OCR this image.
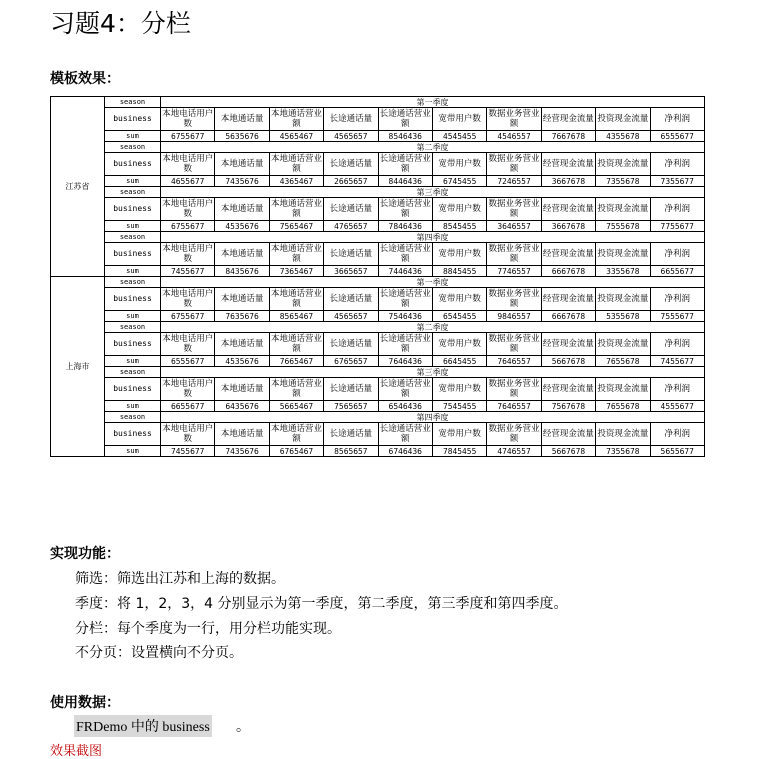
习题4：分栏
模板效果：
江苏省	season	第一季度									
	business	本地电话用户数	本地通话量	本地通话营业额	长途通话量	长途通话营业额	宽带用户数	数据业务营业额	经营现金流量	投资现金流量	净利润
	sum	6755677	5635676	4565467	4565657	8546436	4545455	4546557	7667678	4355678	6555677
	season	第二季度									
	business	本地电话用户数	本地通话量	本地通话营业额	长途通话量	长途通话营业额	宽带用户数	数据业务营业额	经营现金流量	投资现金流量	净利润
	sum	4655677	7435676	4365467	2665657	8446436	6745455	7246557	3667678	7355678	7355677
	season	第三季度									
	business	本地电话用户数	本地通话量	本地通话营业额	长途通话量	长途通话营业额	宽带用户数	数据业务营业额	经营现金流量	投资现金流量	净利润
	sum	6755677	4535676	7565467	4765657	7846436	8545455	3646557	3667678	7555678	7755677
	season	第四季度									
	business	本地电话用户数	本地通话量	本地通话营业额	长途通话量	长途通话营业额	宽带用户数	数据业务营业额	经营现金流量	投资现金流量	净利润
	sum	7455677	8435676	7365467	3665657	7446436	8845455	7746557	6667678	3355678	6655677
上海市	season	第一季度									
	business	本地电话用户数	本地通话量	本地通话营业额	长途通话量	长途通话营业额	宽带用户数	数据业务营业额	经营现金流量	投资现金流量	净利润
	sum	6755677	7635676	8565467	4565657	7546436	6545455	9846557	6667678	5355678	7555677
	season	第二季度									
	business	本地电话用户数	本地通话量	本地通话营业额	长途通话量	长途通话营业额	宽带用户数	数据业务营业额	经营现金流量	投资现金流量	净利润
	sum	6555677	4535676	7665467	6765657	7646436	6645455	7646557	5667678	7655678	7455677
	season	第三季度									
	business	本地电话用户数	本地通话量	本地通话营业额	长途通话量	长途通话营业额	宽带用户数	数据业务营业额	经营现金流量	投资现金流量	净利润
	sum	6655677	6435676	5665467	7565657	6546436	7545455	7646557	7567678	7655678	4555677
	season	第四季度									
	business	本地电话用户数	本地通话量	本地通话营业额	长途通话量	长途通话营业额	宽带用户数	数据业务营业额	经营现金流量	投资现金流量	净利润
	sum	7455677	7435676	6765467	8565657	6746436	7845455	4746557	5667678	7355678	5655677
实现功能：
筛选：筛选出江苏和上海的数据。
季度：将 1，2，3，4 分别显示为第一季度，第二季度，第三季度和第四季度。
分栏：每个季度为一行，用分栏功能实现。
不分页：设置横向不分页。
使用数据：
FRDemo 中的 business 。
效果截图
